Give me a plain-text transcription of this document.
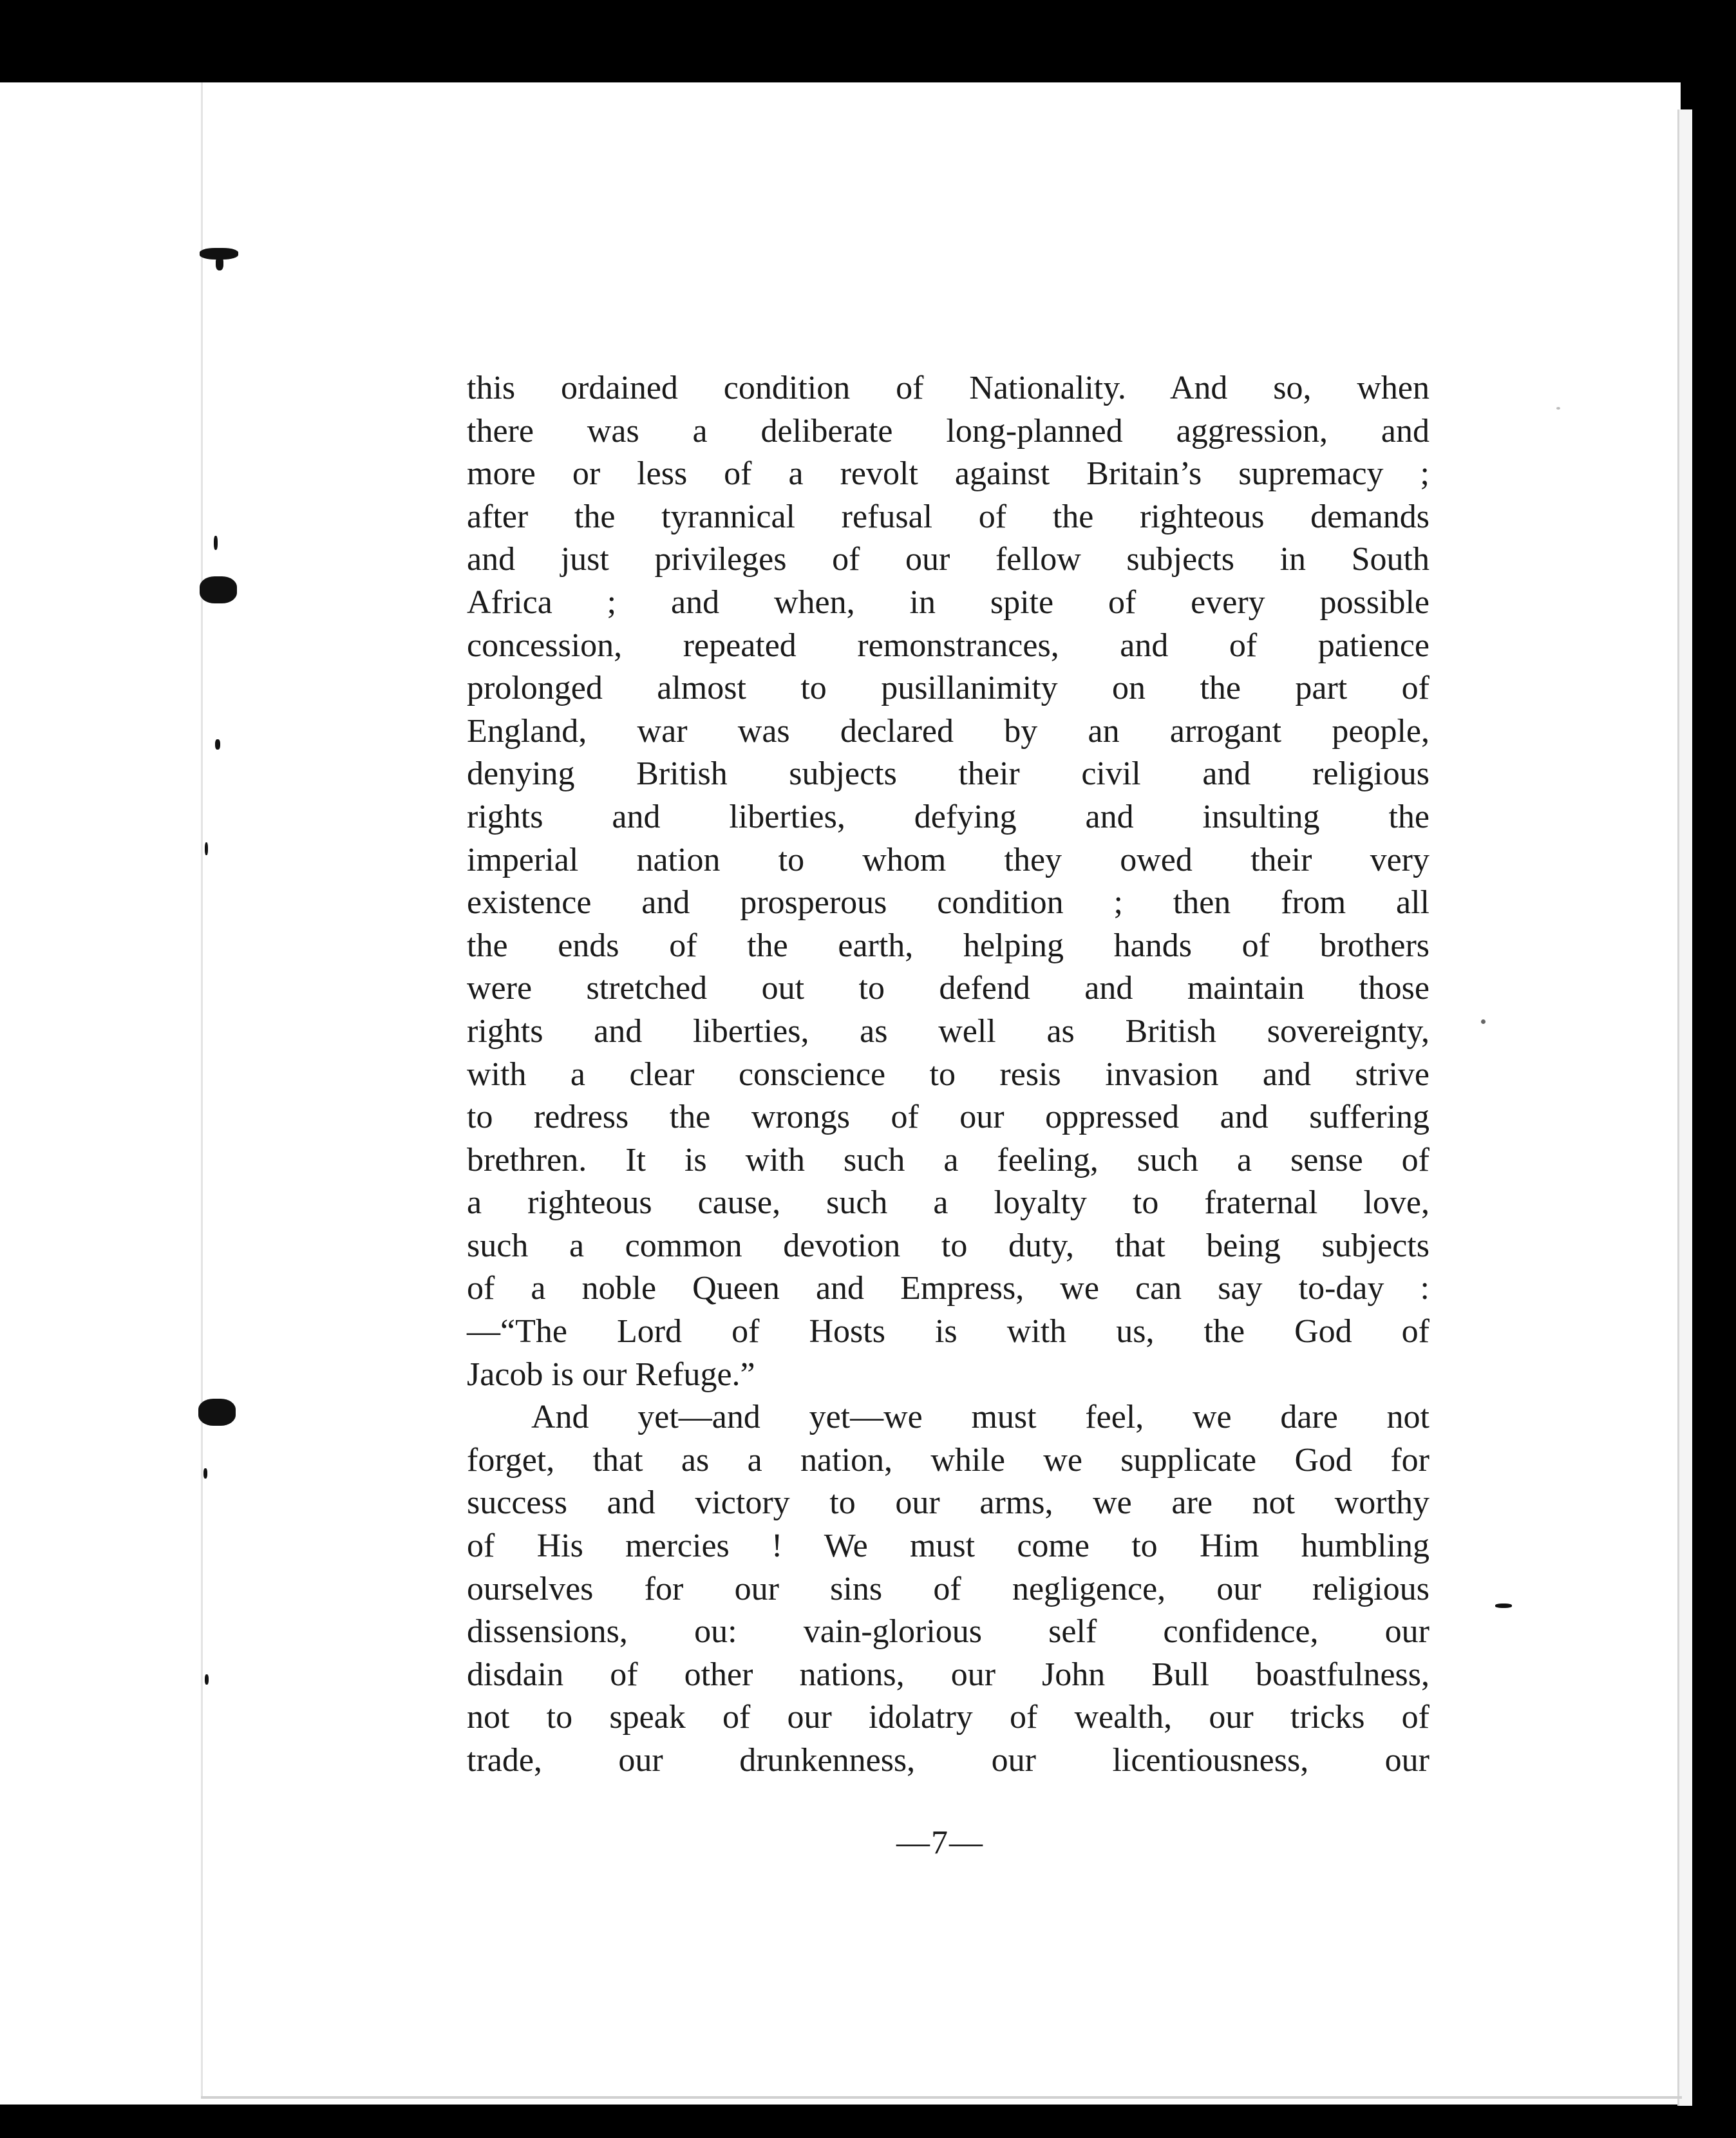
this ordained condition of Nationality. And so, when
there was a deliberate long-planned aggression, and
more or less of a revolt against Britain’s supremacy ;
after the tyrannical refusal of the righteous demands
and just privileges of our fellow subjects in South
Africa ; and when, in spite of every possible
concession, repeated remonstrances, and of patience
prolonged almost to pusillanimity on the part of
England, war was declared by an arrogant people,
denying British subjects their civil and religious
rights and liberties, defying and insulting the
imperial nation to whom they owed their very
existence and prosperous condition ; then from all
the ends of the earth, helping hands of brothers
were stretched out to defend and maintain those
rights and liberties, as well as British sovereignty,
with a clear conscience to resis invasion and strive
to redress the wrongs of our oppressed and suffering
brethren. It is with such a feeling, such a sense of
a righteous cause, such a loyalty to fraternal love,
such a common devotion to duty, that being subjects
of a noble Queen and Empress, we can say to-day :
—“The Lord of Hosts is with us, the God of
Jacob is our Refuge.”
And yet—and yet—we must feel, we dare not
forget, that as a nation, while we supplicate God for
success and victory to our arms, we are not worthy
of His mercies ! We must come to Him humbling
ourselves for our sins of negligence, our religious
dissensions, ou: vain-glorious self confidence, our
disdain of other nations, our John Bull boastfulness,
not to speak of our idolatry of wealth, our tricks of
trade, our drunkenness, our licentiousness, our
—7—
